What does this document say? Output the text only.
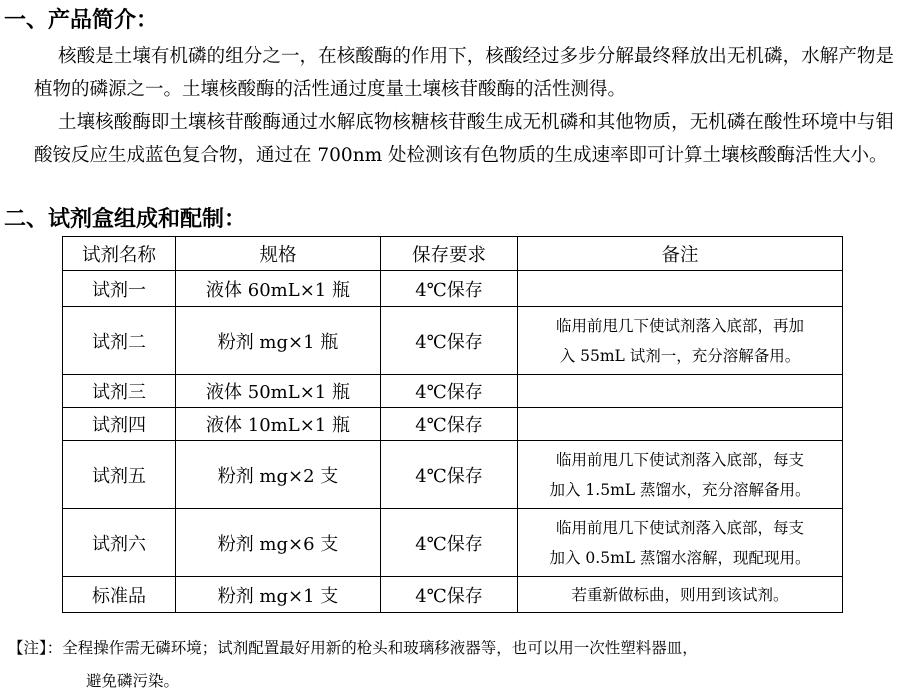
一、产品简介：

核酸是土壤有机磷的组分之一，在核酸酶的作用下，核酸经过多步分解最终释放出无机磷，水解产物是植物的磷源之一。土壤核酸酶的活性通过度量土壤核苷酸酶的活性测得。

土壤核酸酶即土壤核苷酸酶通过水解底物核糖核苷酸生成无机磷和其他物质，无机磷在酸性环境中与钼酸铵反应生成蓝色复合物，通过在 700nm 处检测该有色物质的生成速率即可计算土壤核酸酶活性大小。

二、试剂盒组成和配制：
试剂名称	规格	保存要求	备注
试剂一	液体 60mL×1 瓶	4℃保存	
试剂二	粉剂 mg×1 瓶	4℃保存	临用前甩几下使试剂落入底部，再加
入 55mL 试剂一，充分溶解备用。

试剂三	液体 50mL×1 瓶	4℃保存	
试剂四	液体 10mL×1 瓶	4℃保存	
试剂五	粉剂 mg×2 支	4℃保存	临用前甩几下使试剂落入底部，每支
加入 1.5mL 蒸馏水，充分溶解备用。

试剂六	粉剂 mg×6 支	4℃保存	临用前甩几下使试剂落入底部，每支
加入 0.5mL 蒸馏水溶解，现配现用。

标准品	粉剂 mg×1 支	4℃保存	若重新做标曲，则用到该试剂。

【注】：全程操作需无磷环境；试剂配置最好用新的枪头和玻璃移液器等，也可以用一次性塑料器皿，
避免磷污染。
